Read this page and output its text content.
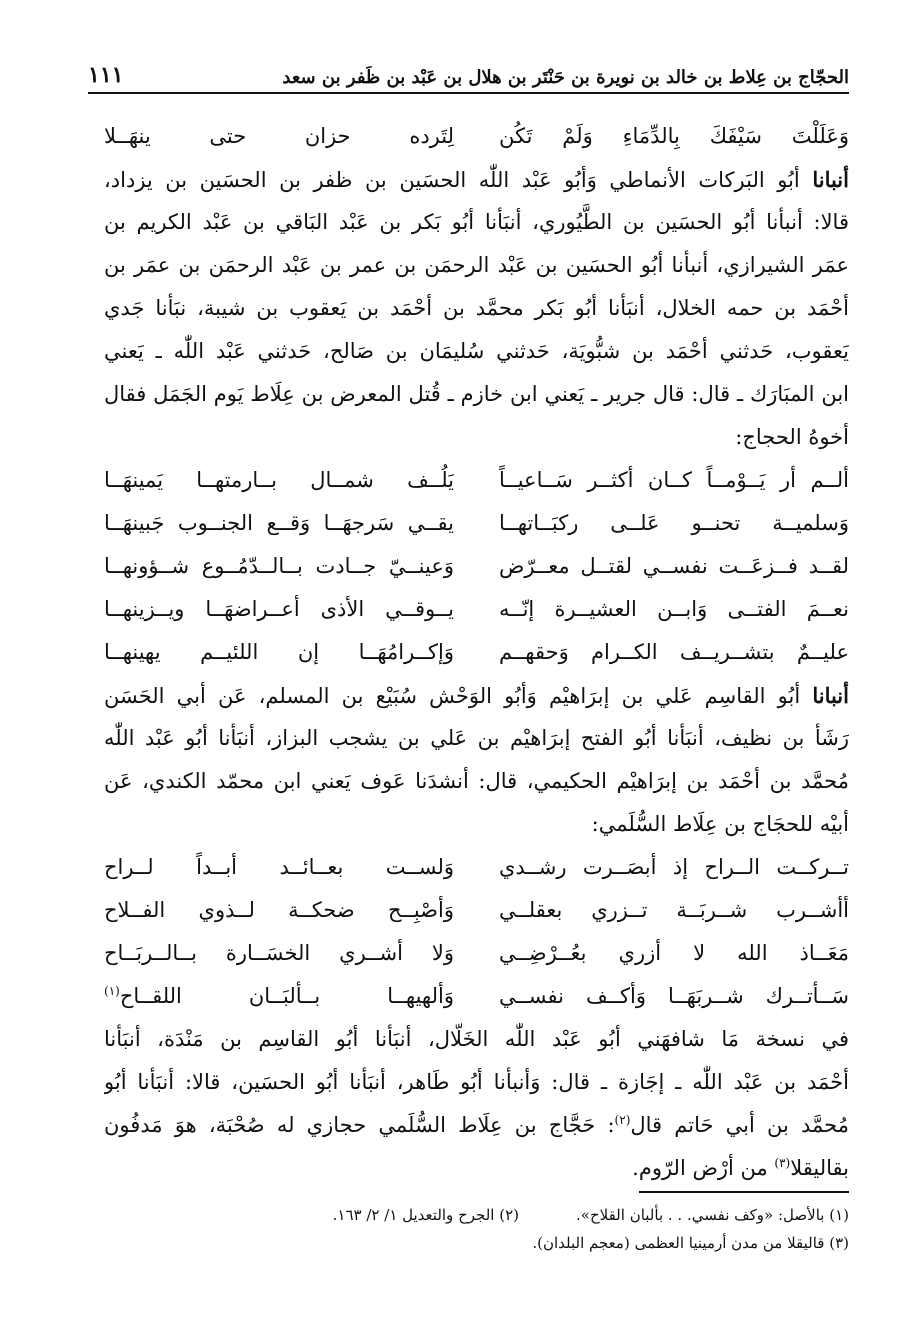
الحجّاج بن عِلاط بن خالد بن نويرة بن حَنْتَر بن هلال بن عَبْد بن ظَفر بن سعد
١١١
وَعَلَلْتَ سَيْفَكَ بِالدِّمَاءِ وَلَمْ تَكُن
لِتَرده حزان حتى ينهَــلا
أنبانا أبُو البَركات الأنماطي وَأبُو عَبْد اللّٰه الحسَين بن ظفر بن الحسَين بن يزداد،
قالا: أنبأنا أبُو الحسَين بن الطَّيُوري، أنبَأنا أبُو بَكر بن عَبْد البَاقي بن عَبْد الكريم بن
عمَر الشيرازي، أنبأنا أبُو الحسَين بن عَبْد الرحمَن بن عمر بن عَبْد الرحمَن بن عمَر بن
أحْمَد بن حمه الخلال، أنبَأنا أبُو بَكر محمَّد بن أحْمَد بن يَعقوب بن شيبة، نبَأنا جَدي
يَعقوب، حَدثني أحْمَد بن شبُّويَة، حَدثني سُليمَان بن صَالح، حَدثني عَبْد اللّٰه ـ يَعني
ابن المبَارَك ـ قال: قال جرير ـ يَعني ابن خازم ـ قُتل المعرض بن عِلَاط يَوم الجَمَل فقال
أخوهُ الحجاج:
ألــم أر يَــوْمــاً كــان أكثــر سَــاعيــاً
يَلُــف شمــال بــارمتهــا يَمينهَــا
وَسلميــة تحنــو عَلــى ركبَــاتهــا
يقــي سَرجهَــا وَقــع الجنــوب جَبينهَــا
لقــد فــزعَــت نفســي لقتــل معــرّض
وَعينــيّ جــادت بــالــدّمُــوع شــؤونهــا
نعــمَ الفتــى وَابــن العشيــرة إنّــه
يــوقــي الأذى أعــراضهَــا ويــزينهــا
عليــمٌ بتشــريــف الكــرام وَحقهــم
وَإكــرامُهَــا إن اللئيــم يهينهــا
أنبانا أبُو القاسِم عَلي بن إبرَاهيْم وَأبُو الوَحْش سُبَيْع بن المسلم، عَن أبي الحَسَن
رَشَأ بن نظيف، أنبَأنا أبُو الفتح إبرَاهيْم بن عَلي بن يشجب البزاز، أنبَأنا أبُو عَبْد اللّٰه
مُحمَّد بن أحْمَد بن إبرَاهيْم الحكيمي، قال: أنشدَنا عَوف يَعني ابن محمّد الكندي، عَن
أبيْه للحجَاج بن عِلَاط السُّلَمي:
تــركــت الــراح إذ أبصَــرت رشــدي
وَلســت بعــائــد أبــداً لــراح
أأشــرب شــربَــة تــزري بعقلــي
وَأصْبِــح ضحكــة لــذوي الفــلاح
مَعَــاذ الله لا أزري بعُــرْضِــي
وَلا أشــري الخسَــارة بــالــربَــاح
سَــأتــرك شــربَهَــا وَأكــف نفســي
وَألهيهــا بــألبَــان اللقــاح$^{(١)}$
في نسخة مَا شافهَني أبُو عَبْد اللّٰه الخَلّال، أنبَأنا أبُو القاسِم بن مَنْدَة، أنبَأنا
أحْمَد بن عَبْد اللّٰه ـ إجَازة ـ قال: وَأنبأنا أبُو طَاهر، أنبَأنا أبُو الحسَين، قالا: أنبَأنا أبُو
مُحمَّد بن أبي حَاتم قال$^{(٢)}$: حَجَّاج بن عِلَاط السُّلَمي حجازي له صُحْبَة، هوَ مَدفُون
بقاليقلا$^{(٣)}$ من أرْض الرّوم.
(١) بالأصل: «وكف نفسي. . . بألبان القلاح».
(٢) الجرح والتعديل ١/ ٢/ ١٦٣.
(٣) قاليقلا من مدن أرمينيا العظمى (معجم البلدان).
